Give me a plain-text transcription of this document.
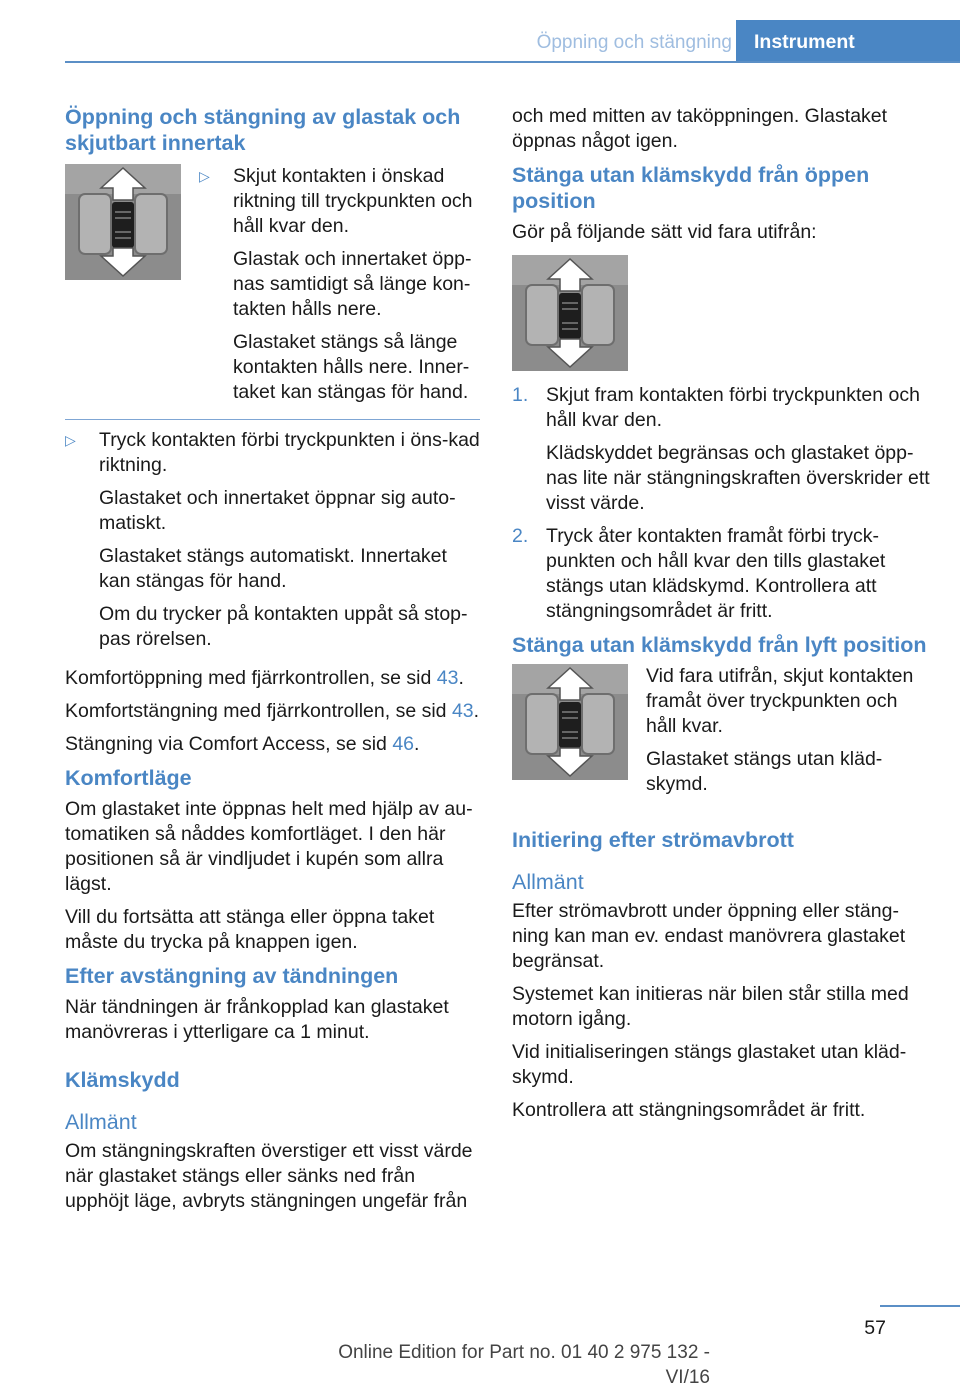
Öppning och stängning	Instrument
Öppning och stängning av glastak och skjutbart innertak
▷ Skjut kontakten i önskad riktning till tryckpunkten och håll kvar den.

Glastak och innertaket öpp-nas samtidigt så länge kon-takten hålls nere.

Glastaket stängs så länge kontakten hålls nere. Inner-taket kan stängas för hand.

▷ Tryck kontakten förbi tryckpunkten i öns-kad riktning.

Glastaket och innertaket öppnar sig auto-matiskt.

Glastaket stängs automatiskt. Innertaket kan stängas för hand.

Om du trycker på kontakten uppåt så stop-pas rörelsen.

Komfortöppning med fjärrkontrollen, se sid 43.

Komfortstängning med fjärrkontrollen, se sid 43.

Stängning via Comfort Access, se sid 46.

Komfortläge

Om glastaket inte öppnas helt med hjälp av au-tomatiken så nåddes komfortläget. I den här positionen så är vindljudet i kupén som allra lägst.

Vill du fortsätta att stänga eller öppna taket måste du trycka på knappen igen.

Efter avstängning av tändningen

När tändningen är frånkopplad kan glastaket manövreras i ytterligare ca 1 minut.

Klämskydd
Allmänt

Om stängningskraften överstiger ett visst värde när glastaket stängs eller sänks ned från upphöjt läge, avbryts stängningen ungefär från

och med mitten av taköppningen. Glastaket öppnas något igen.

Stänga utan klämskydd från öppen position

Gör på följande sätt vid fara utifrån:

1. Skjut fram kontakten förbi tryckpunkten och håll kvar den.

Klädskyddet begränsas och glastaket öpp-nas lite när stängningskraften överskrider ett visst värde.

2. Tryck åter kontakten framåt förbi tryck-punkten och håll kvar den tills glastaket stängs utan klädskymd. Kontrollera att stängningsområdet är fritt.

Stänga utan klämskydd från lyft position

Vid fara utifrån, skjut kontakten framåt över tryckpunkten och håll kvar.

Glastaket stängs utan kläd-skymd.

Initiering efter strömavbrott
Allmänt

Efter strömavbrott under öppning eller stäng-ning kan man ev. endast manövrera glastaket begränsat.

Systemet kan initieras när bilen står stilla med motorn igång.

Vid initialiseringen stängs glastaket utan kläd-skymd.

Kontrollera att stängningsområdet är fritt.

57
Online Edition for Part no. 01 40 2 975 132 - VI/16
